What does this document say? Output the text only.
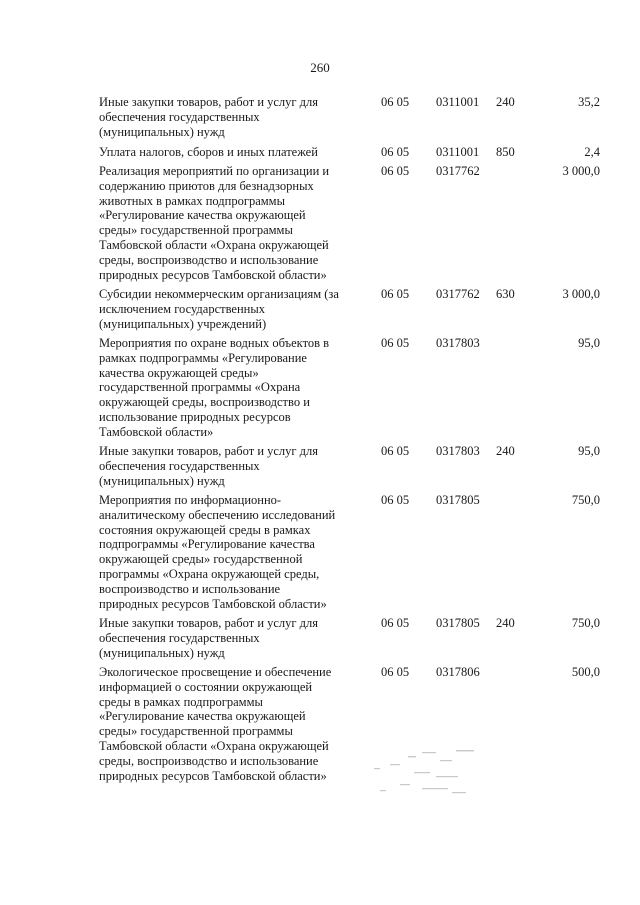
260
Иные закупки товаров, работ и услуг для
обеспечения государственных
(муниципальных) нужд
06 05 0311001 240	35,2
Уплата налогов, сборов и иных платежей	06 05 0311001 850	2,4
Реализация мероприятий по организации и
содержанию приютов для безнадзорных
животных в рамках подпрограммы
«Регулирование качества окружающей
среды» государственной программы
Тамбовской области «Охрана окружающей
среды, воспроизводство и использование
природных ресурсов Тамбовской области»
06 05 0317762	3 000,0
Субсидии некоммерческим организациям (за
исключением государственных
(муниципальных) учреждений)
06 05 0317762 630	3 000,0
Мероприятия по охране водных объектов в
рамках подпрограммы «Регулирование
качества окружающей среды»
государственной программы «Охрана
окружающей среды, воспроизводство и
использование природных ресурсов
Тамбовской области»
06 05 0317803	95,0
Иные закупки товаров, работ и услуг для
обеспечения государственных
(муниципальных) нужд
06 05 0317803 240	95,0
Мероприятия по информационно-
аналитическому обеспечению исследований
состояния окружающей среды в рамках
подпрограммы «Регулирование качества
окружающей среды» государственной
программы «Охрана окружающей среды,
воспроизводство и использование
природных ресурсов Тамбовской области»
06 05 0317805	750,0
Иные закупки товаров, работ и услуг для
обеспечения государственных
(муниципальных) нужд
06 05 0317805 240	750,0
Экологическое просвещение и обеспечение
информацией о состоянии окружающей
среды в рамках подпрограммы
«Регулирование качества окружающей
среды» государственной программы
Тамбовской области «Охрана окружающей
среды, воспроизводство и использование
природных ресурсов Тамбовской области»
06 05 0317806	500,0
